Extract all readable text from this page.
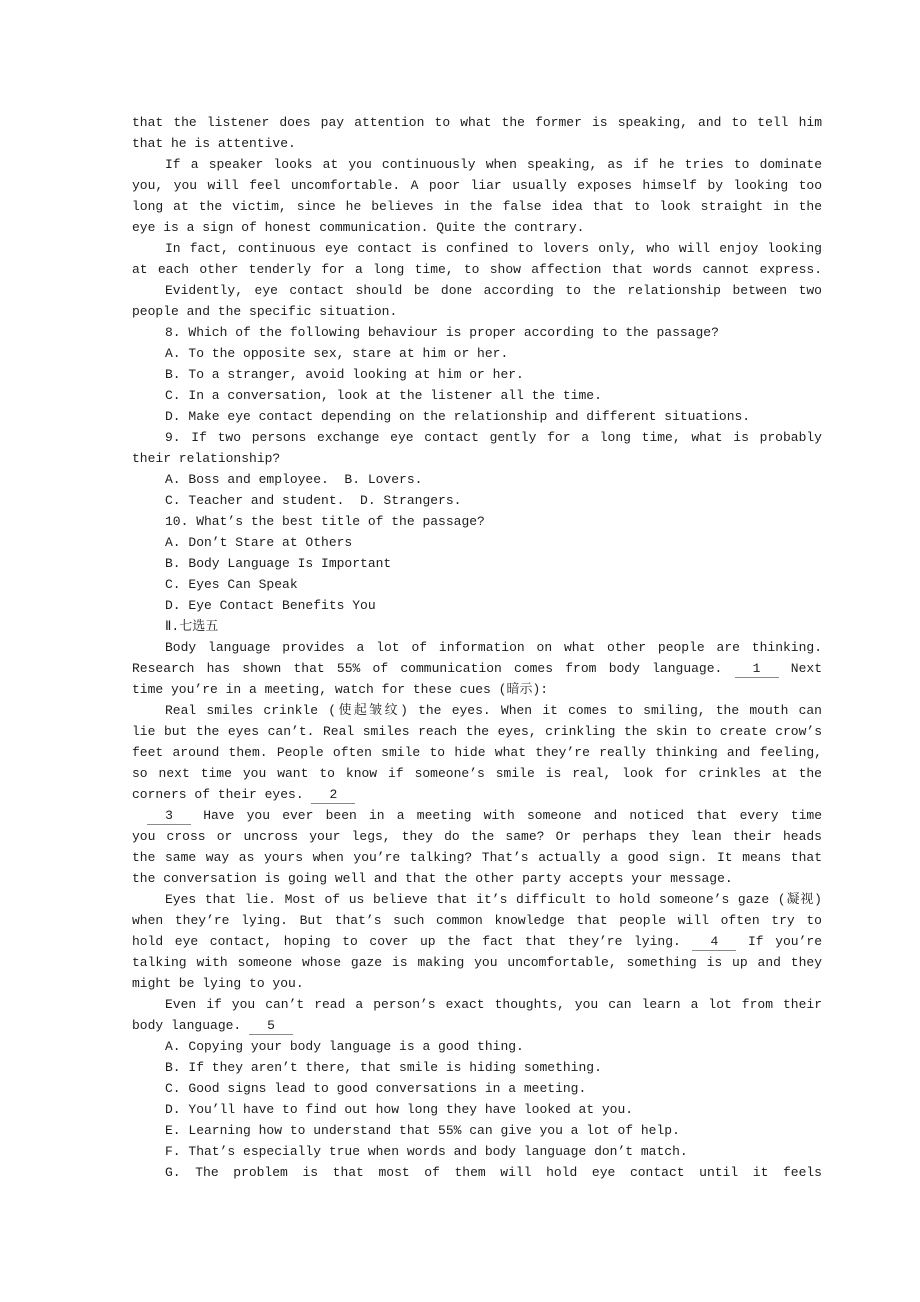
that the listener does pay attention to what the former is speaking, and to tell him
that he is attentive.
If a speaker looks at you continuously when speaking, as if he tries to dominate
you, you will feel uncomfortable. A poor liar usually exposes himself by looking too
long at the victim, since he believes in the false idea that to look straight in the
eye is a sign of honest communication. Quite the contrary.
In fact, continuous eye contact is confined to lovers only, who will enjoy looking
at each other tenderly for a long time, to show affection that words cannot express.
Evidently, eye contact should be done according to the relationship between two
people and the specific situation.
8. Which of the following behaviour is proper according to the passage?
A. To the opposite sex, stare at him or her.
B. To a stranger, avoid looking at him or her.
C. In a conversation, look at the listener all the time.
D. Make eye contact depending on the relationship and different situations.
9. If two persons exchange eye contact gently for a long time, what is probably
their relationship?
A. Boss and employee.  B. Lovers.
C. Teacher and student.  D. Strangers.
10. What’s the best title of the passage?
A. Don’t Stare at Others
B. Body Language Is Important
C. Eyes Can Speak
D. Eye Contact Benefits You
Ⅱ.七选五
Body language provides a lot of information on what other people are thinking.
Research has shown that 55% of communication comes from body language. 1 Next
time you’re in a meeting, watch for these cues (暗示):
Real smiles crinkle (使起皱纹) the eyes. When it comes to smiling, the mouth can
lie but the eyes can’t. Real smiles reach the eyes, crinkling the skin to create crow’s
feet around them. People often smile to hide what they’re really thinking and feeling,
so next time you want to know if someone’s smile is real, look for crinkles at the
corners of their eyes. 2
3 Have you ever been in a meeting with someone and noticed that every time
you cross or uncross your legs, they do the same? Or perhaps they lean their heads
the same way as yours when you’re talking? That’s actually a good sign. It means that
the conversation is going well and that the other party accepts your message.
Eyes that lie. Most of us believe that it’s difficult to hold someone’s gaze (凝视)
when they’re lying. But that’s such common knowledge that people will often try to
hold eye contact, hoping to cover up the fact that they’re lying. 4 If you’re
talking with someone whose gaze is making you uncomfortable, something is up and they
might be lying to you.
Even if you can’t read a person’s exact thoughts, you can learn a lot from their
body language. 5
A. Copying your body language is a good thing.
B. If they aren’t there, that smile is hiding something.
C. Good signs lead to good conversations in a meeting.
D. You’ll have to find out how long they have looked at you.
E. Learning how to understand that 55% can give you a lot of help.
F. That’s especially true when words and body language don’t match.
G. The problem is that most of them will hold eye contact until it feels
